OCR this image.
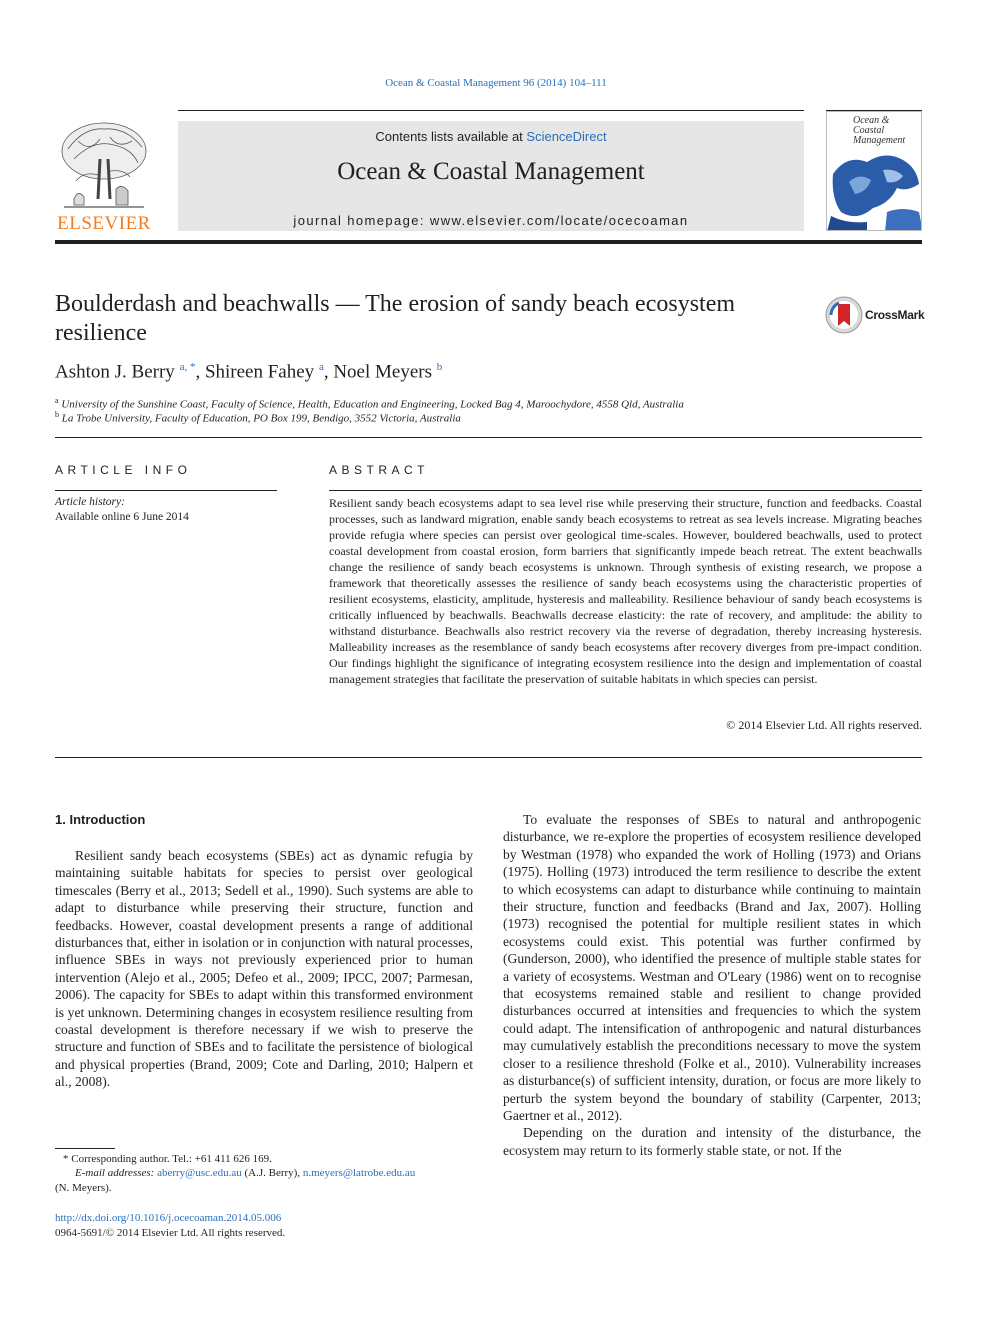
Ocean & Coastal Management 96 (2014) 104–111
ELSEVIER
Contents lists available at ScienceDirect
Ocean & Coastal Management
journal homepage: www.elsevier.com/locate/ocecoaman
Ocean & Coastal Management
Boulderdash and beachwalls — The erosion of sandy beach ecosystem resilience
CrossMark
Ashton J. Berry $^{a, *}$, Shireen Fahey $^a$, Noel Meyers $^b$
$^a$ University of the Sunshine Coast, Faculty of Science, Health, Education and Engineering, Locked Bag 4, Maroochydore, 4558 Qld, Australia
$^b$ La Trobe University, Faculty of Education, PO Box 199, Bendigo, 3552 Victoria, Australia
ARTICLE INFO
Article history:
Available online 6 June 2014
ABSTRACT
Resilient sandy beach ecosystems adapt to sea level rise while preserving their structure, function and feedbacks. Coastal processes, such as landward migration, enable sandy beach ecosystems to retreat as sea levels increase. Migrating beaches provide refugia where species can persist over geological time-scales. However, bouldered beachwalls, used to protect coastal development from coastal erosion, form barriers that significantly impede beach retreat. The extent beachwalls change the resilience of sandy beach ecosystems is unknown. Through synthesis of existing research, we propose a framework that theoretically assesses the resilience of sandy beach ecosystems using the characteristic properties of resilient ecosystems, elasticity, amplitude, hysteresis and malleability. Resilience behaviour of sandy beach ecosystems is critically influenced by beachwalls. Beachwalls decrease elasticity: the rate of recovery, and amplitude: the ability to withstand disturbance. Beachwalls also restrict recovery via the reverse of degradation, thereby increasing hysteresis. Malleability increases as the resemblance of sandy beach ecosystems after recovery diverges from pre-impact condition. Our findings highlight the significance of integrating ecosystem resilience into the design and implementation of coastal management strategies that facilitate the preservation of suitable habitats in which species can persist.
© 2014 Elsevier Ltd. All rights reserved.
1. Introduction

Resilient sandy beach ecosystems (SBEs) act as dynamic refugia by maintaining suitable habitats for species to persist over geological timescales (Berry et al., 2013; Sedell et al., 1990). Such systems are able to adapt to disturbance while preserving their structure, function and feedbacks. However, coastal development presents a range of additional disturbances that, either in isolation or in conjunction with natural processes, influence SBEs in ways not previously experienced prior to human intervention (Alejo et al., 2005; Defeo et al., 2009; IPCC, 2007; Parmesan, 2006). The capacity for SBEs to adapt within this transformed environment is yet unknown. Determining changes in ecosystem resilience resulting from coastal development is therefore necessary if we wish to preserve the structure and function of SBEs and to facilitate the persistence of biological and physical properties (Brand, 2009; Cote and Darling, 2010; Halpern et al., 2008).

To evaluate the responses of SBEs to natural and anthropogenic disturbance, we re-explore the properties of ecosystem resilience developed by Westman (1978) who expanded the work of Holling (1973) and Orians (1975). Holling (1973) introduced the term resilience to describe the extent to which ecosystems can adapt to disturbance while continuing to maintain their structure, function and feedbacks (Brand and Jax, 2007). Holling (1973) recognised the potential for multiple resilient states in which ecosystems could exist. This potential was further confirmed by (Gunderson, 2000), who identified the presence of multiple stable states for a variety of ecosystems. Westman and O'Leary (1986) went on to recognise that ecosystems remained stable and resilient to change provided disturbances occurred at intensities and frequencies to which the system could adapt. The intensification of anthropogenic and natural disturbances may cumulatively establish the preconditions necessary to move the system closer to a resilience threshold (Folke et al., 2010). Vulnerability increases as disturbance(s) of sufficient intensity, duration, or focus are more likely to perturb the system beyond the boundary of stability (Carpenter, 2013; Gaertner et al., 2012).

Depending on the duration and intensity of the disturbance, the ecosystem may return to its formerly stable state, or not. If the

* Corresponding author. Tel.: +61 411 626 169.
E-mail addresses: aberry@usc.edu.au (A.J. Berry), n.meyers@latrobe.edu.au
(N. Meyers).
http://dx.doi.org/10.1016/j.ocecoaman.2014.05.006
0964-5691/© 2014 Elsevier Ltd. All rights reserved.
